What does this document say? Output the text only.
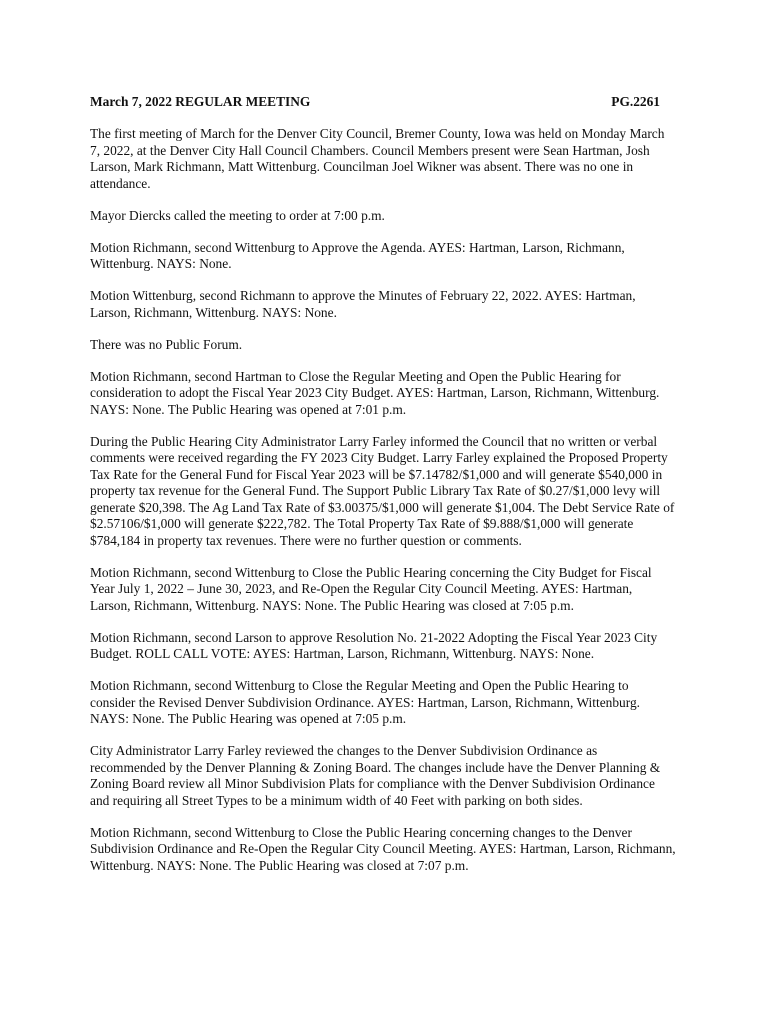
March 7, 2022 REGULAR MEETING	PG.2261

The first meeting of March for the Denver City Council, Bremer County, Iowa was held on Monday March 7, 2022, at the Denver City Hall Council Chambers. Council Members present were Sean Hartman, Josh Larson, Mark Richmann, Matt Wittenburg. Councilman Joel Wikner was absent. There was no one in attendance.

Mayor Diercks called the meeting to order at 7:00 p.m.

Motion Richmann, second Wittenburg to Approve the Agenda. AYES: Hartman, Larson, Richmann, Wittenburg. NAYS: None.

Motion Wittenburg, second Richmann to approve the Minutes of February 22, 2022. AYES: Hartman, Larson, Richmann, Wittenburg. NAYS: None.

There was no Public Forum.

Motion Richmann, second Hartman to Close the Regular Meeting and Open the Public Hearing for consideration to adopt the Fiscal Year 2023 City Budget. AYES: Hartman, Larson, Richmann, Wittenburg. NAYS: None. The Public Hearing was opened at 7:01 p.m.

During the Public Hearing City Administrator Larry Farley informed the Council that no written or verbal comments were received regarding the FY 2023 City Budget. Larry Farley explained the Proposed Property Tax Rate for the General Fund for Fiscal Year 2023 will be $7.14782/$1,000 and will generate $540,000 in property tax revenue for the General Fund. The Support Public Library Tax Rate of $0.27/$1,000 levy will generate $20,398. The Ag Land Tax Rate of $3.00375/$1,000 will generate $1,004. The Debt Service Rate of $2.57106/$1,000 will generate $222,782. The Total Property Tax Rate of $9.888/$1,000 will generate $784,184 in property tax revenues. There were no further question or comments.

Motion Richmann, second Wittenburg to Close the Public Hearing concerning the City Budget for Fiscal Year July 1, 2022 – June 30, 2023, and Re-Open the Regular City Council Meeting. AYES: Hartman, Larson, Richmann, Wittenburg. NAYS: None. The Public Hearing was closed at 7:05 p.m.

Motion Richmann, second Larson to approve Resolution No. 21-2022 Adopting the Fiscal Year 2023 City Budget. ROLL CALL VOTE: AYES: Hartman, Larson, Richmann, Wittenburg. NAYS: None.

Motion Richmann, second Wittenburg to Close the Regular Meeting and Open the Public Hearing to consider the Revised Denver Subdivision Ordinance. AYES: Hartman, Larson, Richmann, Wittenburg. NAYS: None. The Public Hearing was opened at 7:05 p.m.

City Administrator Larry Farley reviewed the changes to the Denver Subdivision Ordinance as recommended by the Denver Planning & Zoning Board. The changes include have the Denver Planning & Zoning Board review all Minor Subdivision Plats for compliance with the Denver Subdivision Ordinance and requiring all Street Types to be a minimum width of 40 Feet with parking on both sides.

Motion Richmann, second Wittenburg to Close the Public Hearing concerning changes to the Denver Subdivision Ordinance and Re-Open the Regular City Council Meeting. AYES: Hartman, Larson, Richmann, Wittenburg. NAYS: None. The Public Hearing was closed at 7:07 p.m.
